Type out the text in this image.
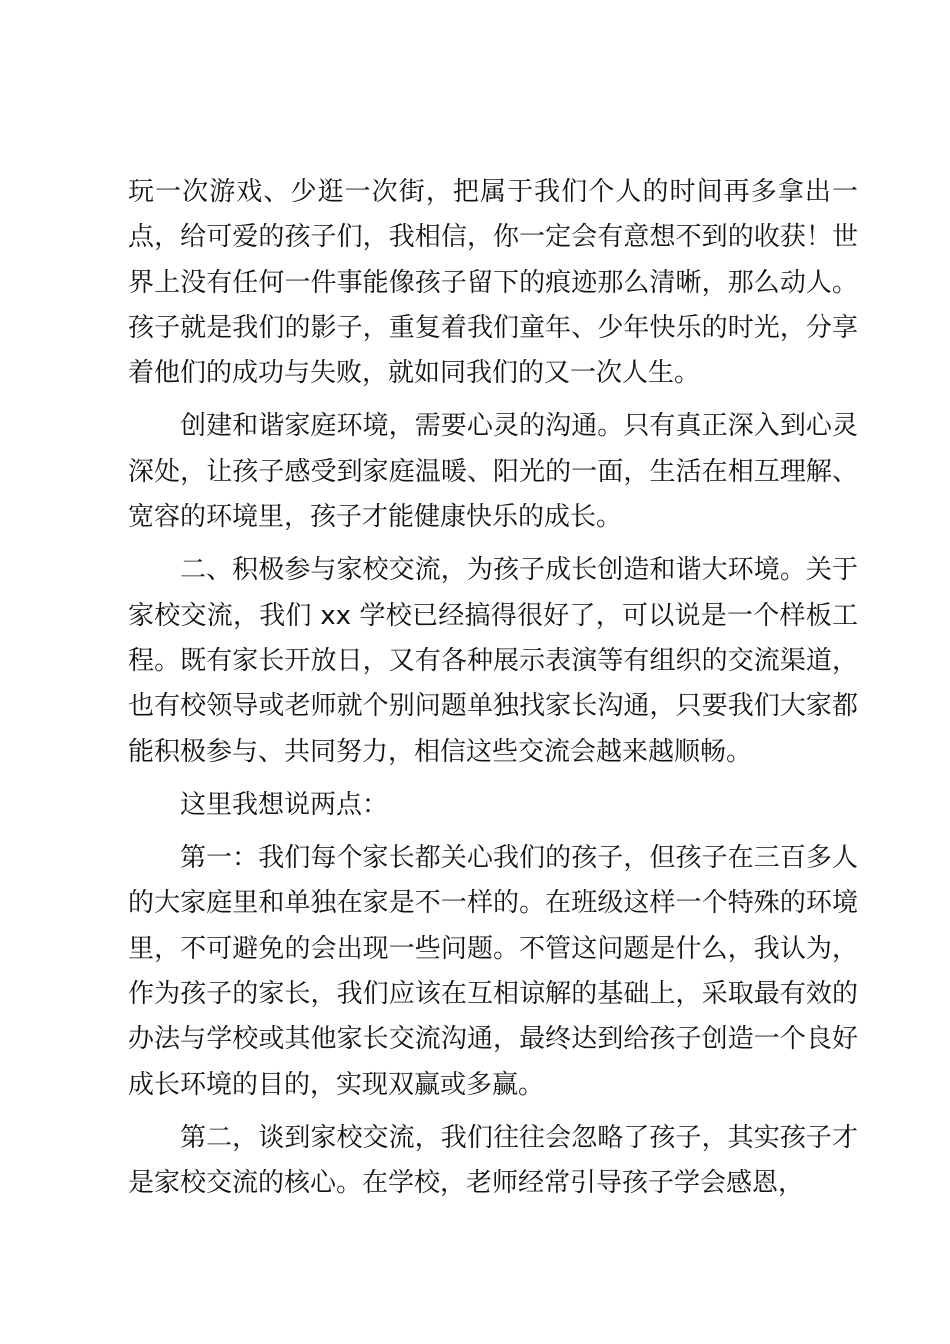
玩一次游戏、少逛一次街，把属于我们个人的时间再多拿出一点，给可爱的孩子们，我相信，你一定会有意想不到的收获！世界上没有任何一件事能像孩子留下的痕迹那么清晰，那么动人。孩子就是我们的影子，重复着我们童年、少年快乐的时光，分享着他们的成功与失败，就如同我们的又一次人生。

创建和谐家庭环境，需要心灵的沟通。只有真正深入到心灵深处，让孩子感受到家庭温暖、阳光的一面，生活在相互理解、宽容的环境里，孩子才能健康快乐的成长。

二、积极参与家校交流，为孩子成长创造和谐大环境。关于家校交流，我们 xx 学校已经搞得很好了，可以说是一个样板工程。既有家长开放日，又有各种展示表演等有组织的交流渠道，也有校领导或老师就个别问题单独找家长沟通，只要我们大家都能积极参与、共同努力，相信这些交流会越来越顺畅。

这里我想说两点：

第一：我们每个家长都关心我们的孩子，但孩子在三百多人的大家庭里和单独在家是不一样的。在班级这样一个特殊的环境里，不可避免的会出现一些问题。不管这问题是什么，我认为，作为孩子的家长，我们应该在互相谅解的基础上，采取最有效的办法与学校或其他家长交流沟通，最终达到给孩子创造一个良好成长环境的目的，实现双赢或多赢。

第二，谈到家校交流，我们往往会忽略了孩子，其实孩子才是家校交流的核心。在学校，老师经常引导孩子学会感恩，
